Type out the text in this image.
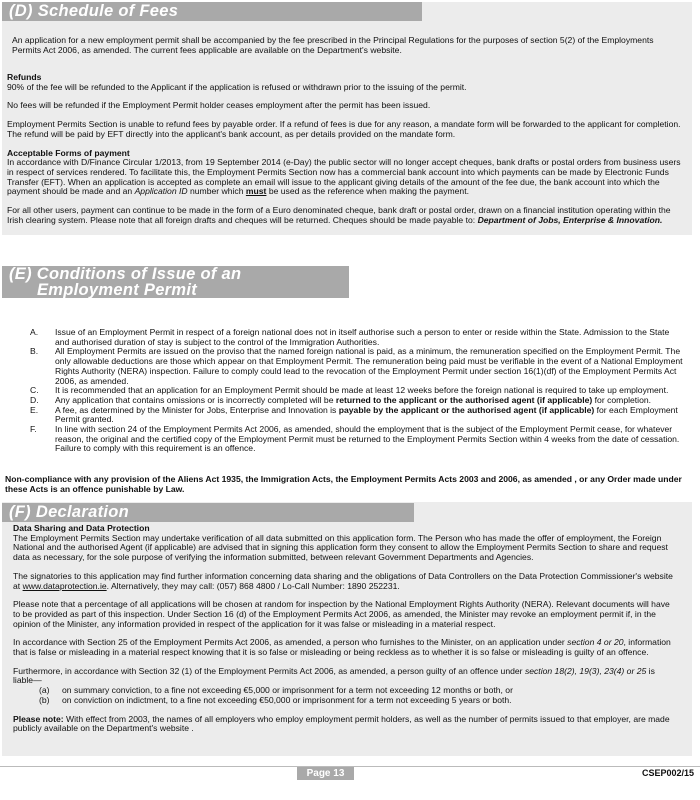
(D) Schedule of Fees

An application for a new employment permit shall be accompanied by the fee prescribed in the Principal Regulations for the purposes of section 5(2) of the Employments Permits Act 2006, as amended. The current fees applicable are available on the Department's website.

Refunds

90% of the fee will be refunded to the Applicant if the application is refused or withdrawn prior to the issuing of the permit.

No fees will be refunded if the Employment Permit holder ceases employment after the permit has been issued.

Employment Permits Section is unable to refund fees by payable order. If a refund of fees is due for any reason, a mandate form will be forwarded to the applicant for completion. The refund will be paid by EFT directly into the applicant's bank account, as per details provided on the mandate form.

Acceptable Forms of payment

In accordance with D/Finance Circular 1/2013, from 19 September 2014 (e-Day) the public sector will no longer accept cheques, bank drafts or postal orders from business users in respect of services rendered. To facilitate this, the Employment Permits Section now has a commercial bank account into which payments can be made by Electronic Funds Transfer (EFT). When an application is accepted as complete an email will issue to the applicant giving details of the amount of the fee due, the bank account into which the payment should be made and an Application ID number which must be used as the reference when making the payment.

For all other users, payment can continue to be made in the form of a Euro denominated cheque, bank draft or postal order, drawn on a financial institution operating within the Irish clearing system. Please note that all foreign drafts and cheques will be returned. Cheques should be made payable to: Department of Jobs, Enterprise & Innovation.

(E) Conditions of Issue of an
Employment Permit
A.	Issue of an Employment Permit in respect of a foreign national does not in itself authorise such a person to enter or reside within the State. Admission to the State and authorised duration of stay is subject to the control of the Immigration Authorities.
B.	All Employment Permits are issued on the proviso that the named foreign national is paid, as a minimum, the remuneration specified on the Employment Permit. The only allowable deductions are those which appear on that Employment Permit. The remuneration being paid must be verifiable in the event of a National Employment Rights Authority (NERA) inspection. Failure to comply could lead to the revocation of the Employment Permit under section 16(1)(df) of the Employment Permits Act 2006, as amended.
C.	It is recommended that an application for an Employment Permit should be made at least 12 weeks before the foreign national is required to take up employment.
D.	Any application that contains omissions or is incorrectly completed will be returned to the applicant or the authorised agent (if applicable) for completion.
E.	A fee, as determined by the Minister for Jobs, Enterprise and Innovation is payable by the applicant or the authorised agent (if applicable) for each Employment Permit granted.
F.	In line with section 24 of the Employment Permits Act 2006, as amended, should the employment that is the subject of the Employment Permit cease, for whatever reason, the original and the certified copy of the Employment Permit must be returned to the Employment Permits Section within 4 weeks from the date of cessation. Failure to comply with this requirement is an offence.

Non-compliance with any provision of the Aliens Act 1935, the Immigration Acts, the Employment Permits Acts 2003 and 2006, as amended , or any Order made under these Acts is an offence punishable by Law.

(F) Declaration

Data Sharing and Data Protection

The Employment Permits Section may undertake verification of all data submitted on this application form. The Person who has made the offer of employment, the Foreign National and the authorised Agent (if applicable) are advised that in signing this application form they consent to allow the Employment Permits Section to share and request data as necessary, for the sole purpose of verifying the information submitted, between relevant Government Departments and Agencies.

The signatories to this application may find further information concerning data sharing and the obligations of Data Controllers on the Data Protection Commissioner's website at www.dataprotection.ie. Alternatively, they may call: (057) 868 4800 / Lo-Call Number: 1890 252231.

Please note that a percentage of all applications will be chosen at random for inspection by the National Employment Rights Authority (NERA). Relevant documents will have to be provided as part of this inspection. Under Section 16 (d) of the Employment Permits Act 2006, as amended, the Minister may revoke an employment permit if, in the opinion of the Minister, any information provided in respect of the application for it was false or misleading in a material respect.

In accordance with Section 25 of the Employment Permits Act 2006, as amended, a person who furnishes to the Minister, on an application under section 4 or 20, information that is false or misleading in a material respect knowing that it is so false or misleading or being reckless as to whether it is so false or misleading is guilty of an offence.

Furthermore, in accordance with Section 32 (1) of the Employment Permits Act 2006, as amended, a person guilty of an offence under section 18(2), 19(3), 23(4) or 25 is liable—

(a)	on summary conviction, to a fine not exceeding €5,000 or imprisonment for a term not exceeding 12 months or both, or
(b)	on conviction on indictment, to a fine not exceeding €50,000 or imprisonment for a term not exceeding 5 years or both.

Please note: With effect from 2003, the names of all employers who employ employment permit holders, as well as the number of permits issued to that employer, are made publicly available on the Department's website .

Page 13	CSEP002/15
